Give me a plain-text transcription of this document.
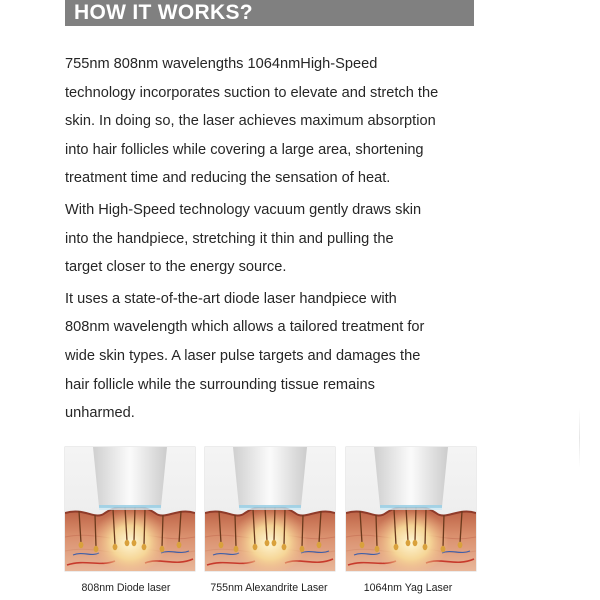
HOW IT WORKS?

755nm 808nm wavelengths 1064nmHigh-Speed
technology incorporates suction to elevate and stretch the
skin. In doing so, the laser achieves maximum absorption
into hair follicles while covering a large area, shortening
treatment time and reducing the sensation of heat.

With High-Speed technology vacuum gently draws skin
into the handpiece, stretching it thin and pulling the
target closer to the energy source.

It uses a state-of-the-art diode laser handpiece with
808nm wavelength which allows a tailored treatment for
wide skin types. A laser pulse targets and damages the
hair follicle while the surrounding tissue remains
unharmed.

808nm Diode laser	755nm Alexandrite Laser	1064nm Yag Laser
